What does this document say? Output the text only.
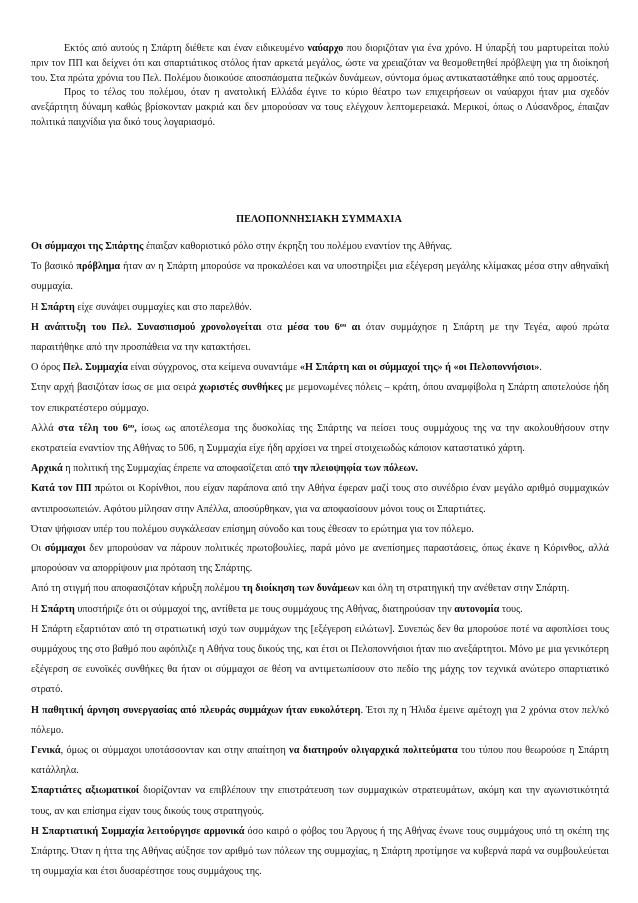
Εκτός από αυτούς η Σπάρτη διέθετε και έναν ειδικευμένο ναύαρχο που διοριζόταν για ένα χρόνο. Η ύπαρξή του μαρτυρείται πολύ πριν τον ΠΠ και δείχνει ότι και σπαρτιάτικος στόλος ήταν αρκετά μεγάλος, ώστε να χρειαζόταν να θεσμοθετηθεί πρόβλεψη για τη διοίκησή του. Στα πρώτα χρόνια του Πελ. Πολέμου διοικούσε αποσπάσματα πεζικών δυνάμεων, σύντομα όμως αντικαταστάθηκε από τους αρμοστές.

Προς το τέλος του πολέμου, όταν η ανατολική Ελλάδα έγινε το κύριο θέατρο των επιχειρήσεων οι ναύαρχοι ήταν μια σχεδόν ανεξάρτητη δύναμη καθώς βρίσκονταν μακριά και δεν μπορούσαν να τους ελέγχουν λεπτομερειακά. Μερικοί, όπως ο Λύσανδρος, έπαιζαν πολιτικά παιχνίδια για δικό τους λογαριασμό.

ΠΕΛΟΠΟΝΝΗΣΙΑΚΗ ΣΥΜΜΑΧΙΑ

Οι σύμμαχοι της Σπάρτης έπαιξαν καθοριστικό ρόλο στην έκρηξη του πολέμου εναντίον της Αθήνας.

Το βασικό πρόβλημα ήταν αν η Σπάρτη μπορούσε να προκαλέσει και να υποστηρίξει μια εξέγερση μεγάλης κλίμακας μέσα στην αθηναϊκή συμμαχία.

Η Σπάρτη είχε συνάψει συμμαχίες και στο παρελθόν.

Η ανάπτυξη του Πελ. Συνασπισμού χρονολογείται στα μέσα του $6^{o\upsilon}$ αι όταν συμμάχησε η Σπάρτη με την Τεγέα, αφού πρώτα παραιτήθηκε από την προσπάθεια να την κατακτήσει.

Ο όρος Πελ. Συμμαχία είναι σύγχρονος, στα κείμενα συναντάμε «Η Σπάρτη και οι σύμμαχοί της» ή «οι Πελοποννήσιοι».

Στην αρχή βασιζόταν ίσως σε μια σειρά χωριστές συνθήκες με μεμονωμένες πόλεις – κράτη, όπου αναμφίβολα η Σπάρτη αποτελούσε ήδη τον επικρατέστερο σύμμαχο.

Αλλά στα τέλη του $6^{o\upsilon}$, ίσως ως αποτέλεσμα της δυσκολίας της Σπάρτης να πείσει τους συμμάχους της να την ακολουθήσουν στην εκστρατεία εναντίον της Αθήνας το 506, η Συμμαχία είχε ήδη αρχίσει να τηρεί στοιχειωδώς κάποιον καταστατικό χάρτη.

Αρχικά η πολιτική της Συμμαχίας έπρεπε να αποφασίζεται από την πλειοψηφία των πόλεων.

Κατά τον ΠΠ πρώτοι οι Κορίνθιοι, που είχαν παράπονα από την Αθήνα έφεραν μαζί τους στο συνέδριο έναν μεγάλο αριθμό συμμαχικών αντιπροσωπειών. Αφότου μίλησαν στην Απέλλα, αποσύρθηκαν, για να αποφασίσουν μόνοι τους οι Σπαρτιάτες.

Όταν ψήφισαν υπέρ του πολέμου συγκάλεσαν επίσημη σύνοδο και τους έθεσαν το ερώτημα για τον πόλεμο.

Οι σύμμαχοι δεν μπορούσαν να πάρουν πολιτικές πρωτοβουλίες, παρά μόνο με ανεπίσημες παραστάσεις, όπως έκανε η Κόρινθος, αλλά μπορούσαν να απορρίψουν μια πρόταση της Σπάρτης.

Από τη στιγμή που αποφασιζόταν κήρυξη πολέμου τη διοίκηση των δυνάμεων και όλη τη στρατηγική την ανέθεταν στην Σπάρτη.

Η Σπάρτη υποστήριζε ότι οι σύμμαχοί της, αντίθετα με τους συμμάχους της Αθήνας, διατηρούσαν την αυτονομία τους.

Η Σπάρτη εξαρτιόταν από τη στρατιωτική ισχύ των συμμάχων της [εξέγερση ειλώτων]. Συνεπώς δεν θα μπορούσε ποτέ να αφοπλίσει τους συμμάχους της στο βαθμό που αφόπλιζε η Αθήνα τους δικούς της, και έτσι οι Πελοποννήσιοι ήταν πιο ανεξάρτητοι. Μόνο με μια γενικότερη εξέγερση σε ευνοϊκές συνθήκες θα ήταν οι σύμμαχοι σε θέση να αντιμετωπίσουν στο πεδίο της μάχης τον τεχνικά ανώτερο σπαρτιατικό στρατό.

Η παθητική άρνηση συνεργασίας από πλευράς συμμάχων ήταν ευκολότερη. Έτσι πχ η Ήλιδα έμεινε αμέτοχη για 2 χρόνια στον πελ/κό πόλεμο.

Γενικά, όμως οι σύμμαχοι υποτάσσονταν και στην απαίτηση να διατηρούν ολιγαρχικά πολιτεύματα του τύπου που θεωρούσε η Σπάρτη κατάλληλα.

Σπαρτιάτες αξιωματικοί διορίζονταν να επιβλέπουν την επιστράτευση των συμμαχικών στρατευμάτων, ακόμη και την αγωνιστικότητά τους, αν και επίσημα είχαν τους δικούς τους στρατηγούς.

Η Σπαρτιατική Συμμαχία λειτούργησε αρμονικά όσο καιρό ο φόβος του Άργους ή της Αθήνας ένωνε τους συμμάχους υπό τη σκέπη της Σπάρτης. Όταν η ήττα της Αθήνας αύξησε τον αριθμό των πόλεων της συμμαχίας, η Σπάρτη προτίμησε να κυβερνά παρά να συμβουλεύεται τη συμμαχία και έτσι δυσαρέστησε τους συμμάχους της.
